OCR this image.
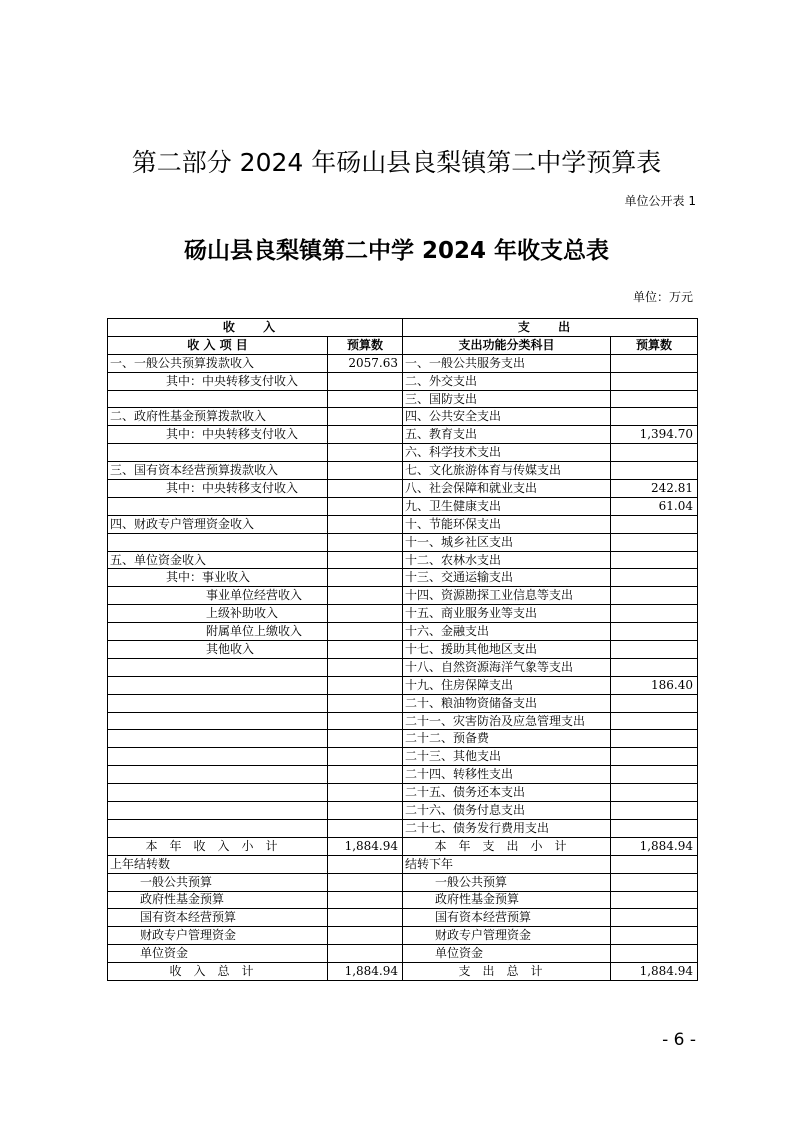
第二部分 2024 年砀山县良梨镇第二中学预算表
单位公开表 1
砀山县良梨镇第二中学 2024 年收支总表
单位：万元
收 入		支 出	
收 入 项 目	预算数	支出功能分类科目	预算数
一、一般公共预算拨款收入	2057.63	一、一般公共服务支出	
其中：中央转移支付收入		二、外交支出	
		三、国防支出	
二、政府性基金预算拨款收入		四、公共安全支出	
其中：中央转移支付收入		五、教育支出	1,394.70
		六、科学技术支出	
三、国有资本经营预算拨款收入		七、文化旅游体育与传媒支出	
其中：中央转移支付收入		八、社会保障和就业支出	242.81
		九、卫生健康支出	61.04
四、财政专户管理资金收入		十、节能环保支出	
		十一、城乡社区支出	
五、单位资金收入		十二、农林水支出	
其中：事业收入		十三、交通运输支出	
事业单位经营收入		十四、资源勘探工业信息等支出	
上级补助收入		十五、商业服务业等支出	
附属单位上缴收入		十六、金融支出	
其他收入		十七、援助其他地区支出	
		十八、自然资源海洋气象等支出	
		十九、住房保障支出	186.40
		二十、粮油物资储备支出	
		二十一、灾害防治及应急管理支出	
		二十二、预备费	
		二十三、其他支出	
		二十四、转移性支出	
		二十五、债务还本支出	
		二十六、债务付息支出	
		二十七、债务发行费用支出	
本年收入小计	1,884.94	本年支出小计	1,884.94
上年结转数		结转下年	
一般公共预算		一般公共预算	
政府性基金预算		政府性基金预算	
国有资本经营预算		国有资本经营预算	
财政专户管理资金		财政专户管理资金	
单位资金		单位资金	
收入总计	1,884.94	支出总计	1,884.94
- 6 -
